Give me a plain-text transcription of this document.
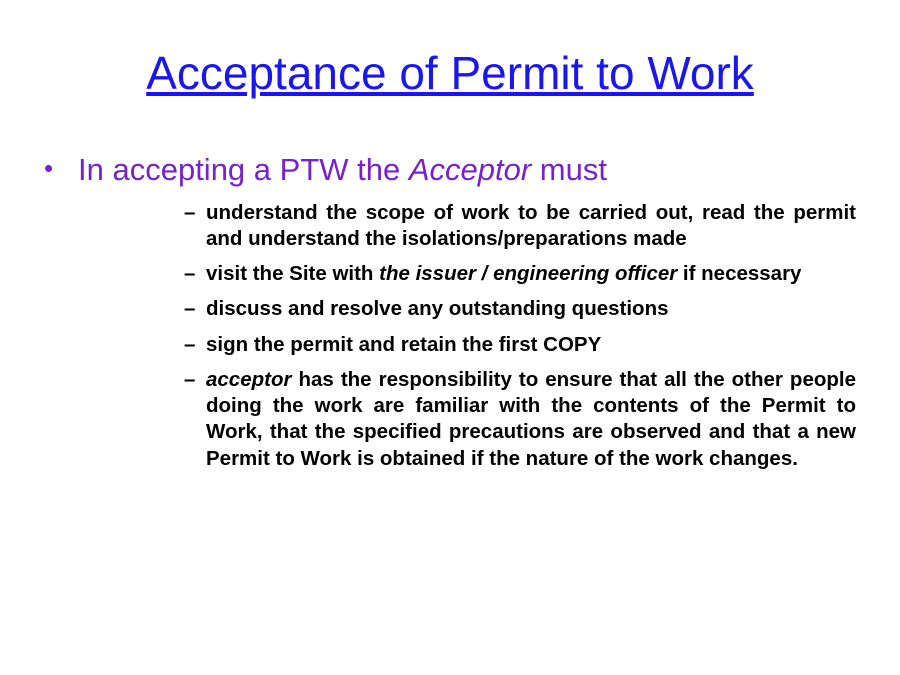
Acceptance of Permit to Work
• In accepting a PTW the Acceptor must
– understand the scope of work to be carried out, read the permit and understand the isolations/preparations made
– visit the Site with the issuer / engineering officer if necessary
– discuss and resolve any outstanding questions
– sign the permit and retain the first COPY
– acceptor has the responsibility to ensure that all the other people doing the work are familiar with the contents of the Permit to Work, that the specified precautions are observed and that a new Permit to Work is obtained if the nature of the work changes.
